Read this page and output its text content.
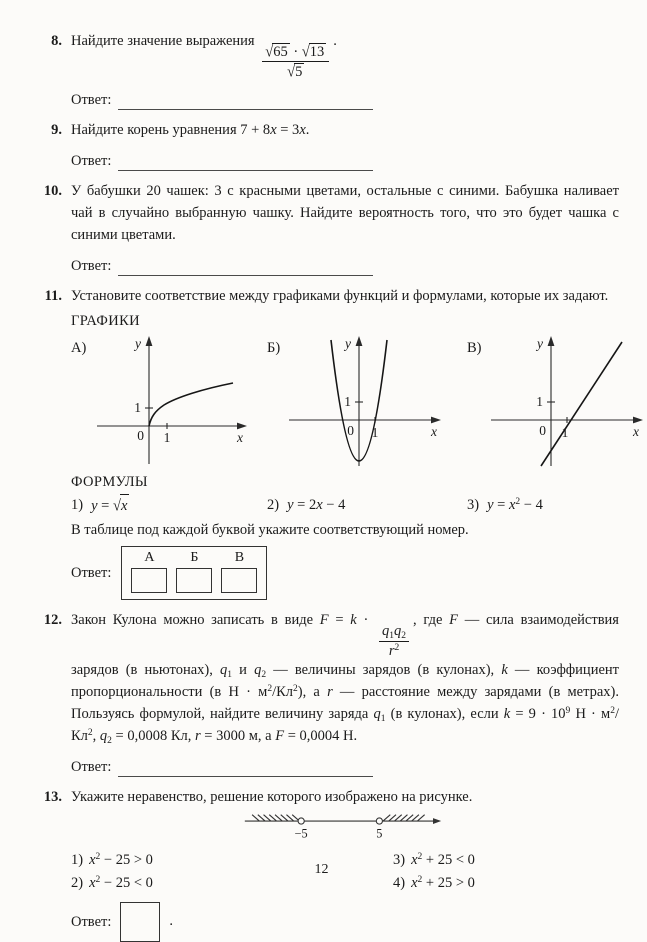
8. Найдите значение выражения
$\frac{√65 \cdot √13}{√5}$
.
Ответ:
9. Найдите корень уравнения 7 + 8x = 3x.
Ответ:
10. У бабушки 20 чашек: 3 с красными цветами, остальные с синими. Бабушка наливает чай в случайно выбранную чашку. Найдите вероятность того, что это будет чашка с синими цветами.
Ответ:
11. Установите соответствие между графиками функций и формулами, которые их задают.
ГРАФИКИ
А)	y
x
0 1
1
Б)	y
x
0 1
1
В)	y
x
0 1
1
ФОРМУЛЫ
1) y = √x	2) y = 2x − 4	3) $y = x^2 - 4$
В таблице под каждой буквой укажите соответствующий номер.
Ответ:
А	Б	В
12. Закон Кулона можно записать в виде F = k ·
$\frac{q_1q_2}{r^2}$
, где F — сила взаимодействия зарядов (в ньютонах), $q_1$ и $q_2$ — величины зарядов (в кулонах), k — коэффициент пропорциональности (в $Н \cdot м^2/Кл^2$), а r — расстояние между зарядами (в метрах). Пользуясь формулой, найдите величину заряда $q_1$ (в кулонах), если $k = 9 \cdot 10^9$ $Н \cdot м^2/Кл^2$, $q_2 = 0,0008$ Кл, r = 3000 м, а F = 0,0004 Н.
Ответ:
13. Укажите неравенство, решение которого изображено на рисунке.
−5	5
1) $x^2 - 25 > 0$	3) $x^2 + 25 < 0$
2) $x^2 - 25 < 0$	4) $x^2 + 25 > 0$
Ответ:	.
12
